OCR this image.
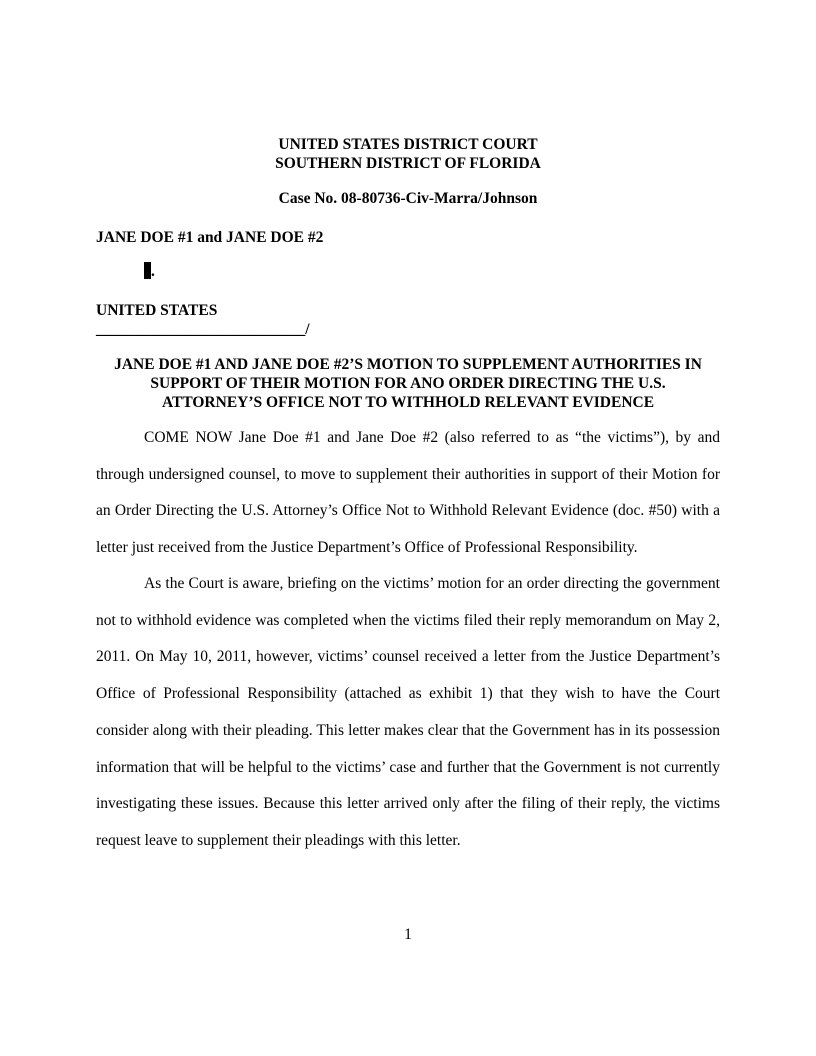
UNITED STATES DISTRICT COURT
SOUTHERN DISTRICT OF FLORIDA
Case No. 08-80736-Civ-Marra/Johnson
JANE DOE #1 and JANE DOE #2
.
UNITED STATES
___________________________/
JANE DOE #1 AND JANE DOE #2’S MOTION TO SUPPLEMENT AUTHORITIES IN
SUPPORT OF THEIR MOTION FOR ANO ORDER DIRECTING THE U.S.
ATTORNEY’S OFFICE NOT TO WITHHOLD RELEVANT EVIDENCE

COME NOW Jane Doe #1 and Jane Doe #2 (also referred to as “the victims”), by and through undersigned counsel, to move to supplement their authorities in support of their Motion for an Order Directing the U.S. Attorney’s Office Not to Withhold Relevant Evidence (doc. #50) with a letter just received from the Justice Department’s Office of Professional Responsibility.

As the Court is aware, briefing on the victims’ motion for an order directing the government not to withhold evidence was completed when the victims filed their reply memorandum on May 2, 2011. On May 10, 2011, however, victims’ counsel received a letter from the Justice Department’s Office of Professional Responsibility (attached as exhibit 1) that they wish to have the Court consider along with their pleading. This letter makes clear that the Government has in its possession information that will be helpful to the victims’ case and further that the Government is not currently investigating these issues. Because this letter arrived only after the filing of their reply, the victims request leave to supplement their pleadings with this letter.

1
